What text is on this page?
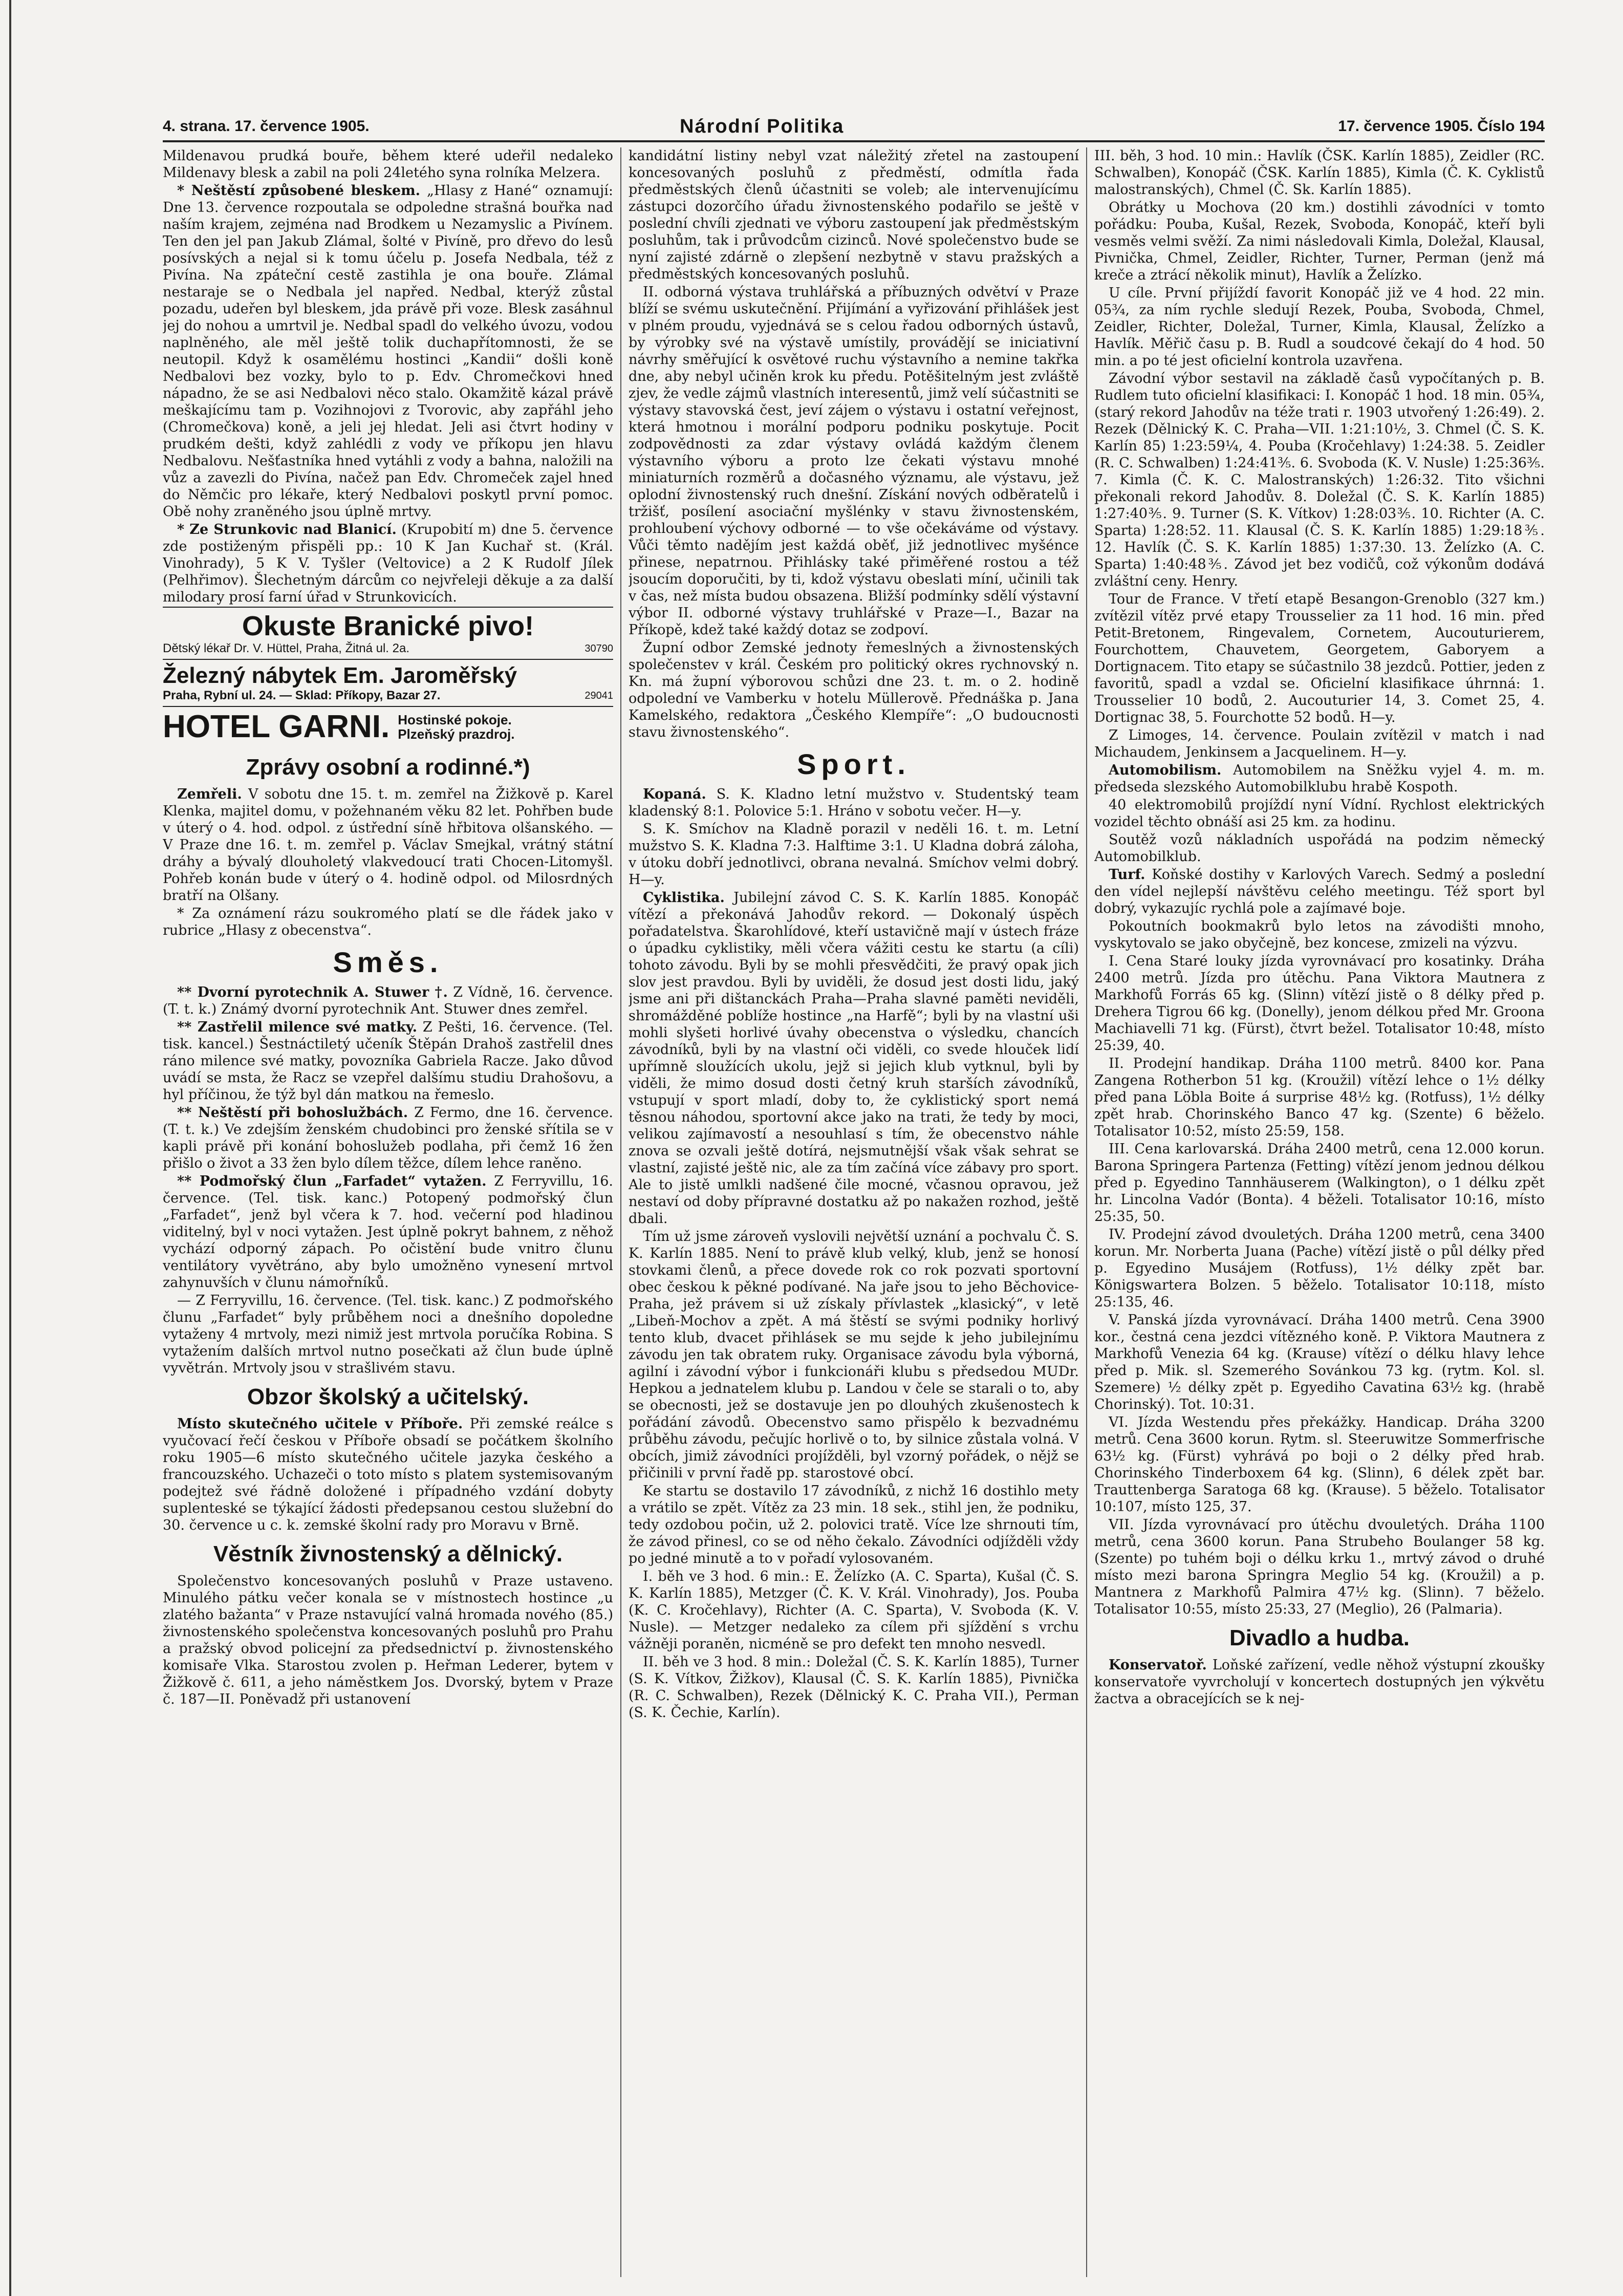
4. strana. 17. července 1905.	Národní Politika	17. července 1905. Číslo 194

Mildenavou prudká bouře, během které udeřil nedaleko Mildenavy blesk a zabil na poli 24letého syna rolníka Melzera.

* Neštěstí způsobené bleskem. „Hlasy z Hané“ oznamují: Dne 13. července rozpoutala se odpoledne strašná bouřka nad naším krajem, zejména nad Brodkem u Nezamyslic a Pivínem. Ten den jel pan Jakub Zlámal, šolté v Pivíně, pro dřevo do lesů posívských a nejal si k tomu účelu p. Josefa Nedbala, též z Pivína. Na zpáteční cestě zastihla je ona bouře. Zlámal nestaraje se o Nedbala jel napřed. Nedbal, kterýž zůstal pozadu, udeřen byl bleskem, jda právě při voze. Blesk zasáhnul jej do nohou a umrtvil je. Nedbal spadl do velkého úvozu, vodou naplněného, ale měl ještě tolik duchapřítomnosti, že se neutopil. Když k osamělému hostinci „Kandii“ došli koně Nedbalovi bez vozky, bylo to p. Edv. Chromečkovi hned nápadno, že se asi Nedbalovi něco stalo. Okamžitě kázal právě meškajícímu tam p. Vozihnojovi z Tvorovic, aby zapřáhl jeho (Chromečkova) koně, a jeli jej hledat. Jeli asi čtvrt hodiny v prudkém dešti, když zahlédli z vody ve příkopu jen hlavu Nedbalovu. Nešťastníka hned vytáhli z vody a bahna, naložili na vůz a zavezli do Pivína, načež pan Edv. Chromeček zajel hned do Němčic pro lékaře, který Nedbalovi poskytl první pomoc. Obě nohy zraněného jsou úplně mrtvy.

* Ze Strunkovic nad Blanicí. (Krupobití m) dne 5. července zde postiženým přispěli pp.: 10 K Jan Kuchař st. (Král. Vinohrady), 5 K V. Tyšler (Veltovice) a 2 K Rudolf Jílek (Pelhřimov). Šlechetným dárcům co nejvřeleji děkuje a za další milodary prosí farní úřad v Strunkovicích.

Okuste Branické pivo!
Dětský lékař Dr. V. Hüttel, Praha, Žitná ul. 2a.	30790
Železný nábytek Em. Jaroměřský
Praha, Rybní ul. 24. — Sklad: Příkopy, Bazar 27.	29041
HOTEL GARNI. Hostinské pokoje.
Plzeňský prazdroj.
Zprávy osobní a rodinné.*)

Zemřeli. V sobotu dne 15. t. m. zemřel na Žižkově p. Karel Klenka, majitel domu, v požehnaném věku 82 let. Pohřben bude v úterý o 4. hod. odpol. z ústřední síně hřbitova olšanského. — V Praze dne 16. t. m. zemřel p. Václav Smejkal, vrátný státní dráhy a bývalý dlouholetý vlakvedoucí trati Chocen-Litomyšl. Pohřeb konán bude v úterý o 4. hodině odpol. od Milosrdných bratří na Olšany.

* Za oznámení rázu soukromého platí se dle řádek jako v rubrice „Hlasy z obecenstva“.

Směs.

** Dvorní pyrotechnik A. Stuwer †. Z Vídně, 16. července. (T. t. k.) Známý dvorní pyrotechnik Ant. Stuwer dnes zemřel.

** Zastřelil milence své matky. Z Pešti, 16. července. (Tel. tisk. kancel.) Šestnáctiletý učeník Štěpán Drahoš zastřelil dnes ráno milence své matky, povozníka Gabriela Racze. Jako důvod uvádí se msta, že Racz se vzepřel dalšímu studiu Drahošovu, a hyl příčinou, že týž byl dán matkou na řemeslo.

** Neštěstí při bohoslužbách. Z Fermo, dne 16. července. (T. t. k.) Ve zdejším ženském chudobinci pro ženské sřítila se v kapli právě při konání bohoslužeb podlaha, při čemž 16 žen přišlo o život a 33 žen bylo dílem těžce, dílem lehce raněno.

** Podmořský člun „Farfadet“ vytažen. Z Ferryvillu, 16. července. (Tel. tisk. kanc.) Potopený podmořský člun „Farfadet“, jenž byl včera k 7. hod. večerní pod hladinou viditelný, byl v noci vytažen. Jest úplně pokryt bahnem, z něhož vychází odporný zápach. Po očistění bude vnitro člunu ventilátory vyvětráno, aby bylo umožněno vynesení mrtvol zahynuvších v člunu námořníků.

— Z Ferryvillu, 16. července. (Tel. tisk. kanc.) Z podmořského člunu „Farfadet“ byly průběhem noci a dnešního dopoledne vytaženy 4 mrtvoly, mezi nimiž jest mrtvola poručíka Robina. S vytažením dalších mrtvol nutno posečkati až člun bude úplně vyvětrán. Mrtvoly jsou v strašlivém stavu.

Obzor školský a učitelský.

Místo skutečného učitele v Příboře. Při zemské reálce s vyučovací řečí českou v Příboře obsadí se počátkem školního roku 1905—6 místo skutečného učitele jazyka českého a francouzského. Uchazeči o toto místo s platem systemisovaným podejtež své řádně doložené i případného vzdání dobyty suplenteské se týkající žádosti předepsanou cestou služební do 30. července u c. k. zemské školní rady pro Moravu v Brně.

Věstník živnostenský a dělnický.

Společenstvo koncesovaných posluhů v Praze ustaveno. Minulého pátku večer konala se v místnostech hostince „u zlatého bažanta“ v Praze nstavující valná hromada nového (85.) živnostenského společenstva koncesovaných posluhů pro Prahu a pražský obvod policejní za předsednictví p. živnostenského komisaře Vlka. Starostou zvolen p. Heřman Lederer, bytem v Žižkově č. 611, a jeho náměstkem Jos. Dvorský, bytem v Praze č. 187—II. Poněvadž při ustanovení

kandidátní listiny nebyl vzat náležitý zřetel na zastoupení koncesovaných posluhů z předměstí, odmítla řada předměstských členů účastniti se voleb; ale intervenujícímu zástupci dozorčího úřadu živnostenského podařilo se ještě v poslední chvíli zjednati ve výboru zastoupení jak předměstským posluhům, tak i průvodcům cizinců. Nové společenstvo bude se nyní zajisté zdárně o zlepšení nezbytně v stavu pražských a předměstských koncesovaných posluhů.

II. odborná výstava truhlářská a příbuzných odvětví v Praze blíží se svému uskutečnění. Přijímání a vyřizování přihlášek jest v plném proudu, vyjednává se s celou řadou odborných ústavů, by výrobky své na výstavě umístily, provádějí se iniciativní návrhy směřující k osvětové ruchu výstavního a nemine takřka dne, aby nebyl učiněn krok ku předu. Potěšitelným jest zvláště zjev, že vedle zájmů vlastních interesentů, jimž velí súčastniti se výstavy stavovská čest, jeví zájem o výstavu i ostatní veřejnost, která hmotnou i morální podporu podniku poskytuje. Pocit zodpovědnosti za zdar výstavy ovládá každým členem výstavního výboru a proto lze čekati výstavu mnohé miniaturních rozměrů a dočasného významu, ale výstavu, jež oplodní živnostenský ruch dnešní. Získání nových odběratelů i tržišť, posílení asociační myšlénky v stavu živnostenském, prohloubení výchovy odborné — to vše očekáváme od výstavy. Vůči těmto nadějím jest každá oběť, již jednotlivec myšénce přinese, nepatrnou. Přihlásky také přiměřené rostou a též jsoucím doporučiti, by ti, kdož výstavu obeslati míní, učinili tak v čas, než místa budou obsazena. Bližší podmínky sdělí výstavní výbor II. odborné výstavy truhlářské v Praze—I., Bazar na Příkopě, kdež také každý dotaz se zodpoví.

Župní odbor Zemské jednoty řemeslných a živnostenských společenstev v král. Českém pro politický okres rychnovský n. Kn. má župní výborovou schůzi dne 23. t. m. o 2. hodině odpolední ve Vamberku v hotelu Müllerově. Přednáška p. Jana Kamelského, redaktora „Českého Klempíře“: „O budoucnosti stavu živnostenského“.

Sport.

Kopaná. S. K. Kladno letní mužstvo v. Studentský team kladenský 8:1. Polovice 5:1. Hráno v sobotu večer. H—y.

S. K. Smíchov na Kladně porazil v neděli 16. t. m. Letní mužstvo S. K. Kladna 7:3. Halftime 3:1. U Kladna dobrá záloha, v útoku dobří jednotlivci, obrana nevalná. Smíchov velmi dobrý. H—y.

Cyklistika. Jubilejní závod C. S. K. Karlín 1885. Konopáč vítězí a překonává Jahodův rekord. — Dokonalý úspěch pořadatelstva. Škarohlídové, kteří ustavičně mají v ústech fráze o úpadku cyklistiky, měli včera vážiti cestu ke startu (a cíli) tohoto závodu. Byli by se mohli přesvědčiti, že pravý opak jich slov jest pravdou. Byli by uviděli, že dosud jest dosti lidu, jaký jsme ani při dištanckách Praha—Praha slavné paměti neviděli, shromážděné poblíže hostince „na Harfě“; byli by na vlastní uši mohli slyšeti horlivé úvahy obecenstva o výsledku, chancích závodníků, byli by na vlastní oči viděli, co svede hlouček lidí upřímně sloužících ukolu, jejž si jejich klub vytknul, byli by viděli, že mimo dosud dosti četný kruh starších závodníků, vstupují v sport mladí, doby to, že cyklistický sport nemá těsnou náhodou, sportovní akce jako na trati, že tedy by moci, velikou zajímavostí a nesouhlasí s tím, že obecenstvo náhle znova se ozvali ještě dotírá, nejsmutnější však však sehrat se vlastní, zajisté ještě nic, ale za tím začíná více zábavy pro sport. Ale to jistě umlkli nadšené čile mocné, včasnou opravou, jež nestaví od doby přípravné dostatku až po nakažen rozhod, ještě dbali.

Tím už jsme zároveň vyslovili největší uznání a pochvalu Č. S. K. Karlín 1885. Není to právě klub velký, klub, jenž se honosí stovkami členů, a přece dovede rok co rok pozvati sportovní obec českou k pěkné podívané. Na jaře jsou to jeho Běchovice-Praha, jež právem si už získaly přívlastek „klasický“, v letě „Libeň-Mochov a zpět. A má štěstí se svými podniky horlivý tento klub, dvacet přihlásek se mu sejde k jeho jubilejnímu závodu jen tak obratem ruky. Organisace závodu byla výborná, agilní i závodní výbor i funkcionáři klubu s předsedou MUDr. Hepkou a jednatelem klubu p. Landou v čele se starali o to, aby se obecnosti, jež se dostavuje jen po dlouhých zkušenostech k pořádání závodů. Obecenstvo samo přispělo k bezvadnému průběhu závodu, pečujíc horlivě o to, by silnice zůstala volná. V obcích, jimiž závodníci projížděli, byl vzorný pořádek, o nějž se přičinili v první řadě pp. starostové obcí.

Ke startu se dostavilo 17 závodníků, z nichž 16 dostihlo mety a vrátilo se zpět. Vítěz za 23 min. 18 sek., stihl jen, že podniku, tedy ozdobou počin, už 2. polovici tratě. Více lze shrnouti tím, že závod přinesl, co se od něho čekalo. Závodníci odjížděli vždy po jedné minutě a to v pořadí vylosovaném.

I. běh ve 3 hod. 6 min.: E. Želízko (A. C. Sparta), Kušal (Č. S. K. Karlín 1885), Metzger (Č. K. V. Král. Vinohrady), Jos. Pouba (K. C. Kročehlavy), Richter (A. C. Sparta), V. Svoboda (K. V. Nusle). — Metzger nedaleko za cílem při sjíždění s vrchu vážněji poraněn, nicméně se pro defekt ten mnoho nesvedl.

II. běh ve 3 hod. 8 min.: Doležal (Č. S. K. Karlín 1885), Turner (S. K. Vítkov, Žižkov), Klausal (Č. S. K. Karlín 1885), Pivnička (R. C. Schwalben), Rezek (Dělnický K. C. Praha VII.), Perman (S. K. Čechie, Karlín).

III. běh, 3 hod. 10 min.: Havlík (ČSK. Karlín 1885), Zeidler (RC. Schwalben), Konopáč (ČSK. Karlín 1885), Kimla (Č. K. Cyklistů malostranských), Chmel (Č. Sk. Karlín 1885).

Obrátky u Mochova (20 km.) dostihli závodníci v tomto pořádku: Pouba, Kušal, Rezek, Svoboda, Konopáč, kteří byli vesměs velmi svěží. Za nimi následovali Kimla, Doležal, Klausal, Pivnička, Chmel, Zeidler, Richter, Turner, Perman (jenž má kreče a ztrácí několik minut), Havlík a Želízko.

U cíle. První přijíždí favorit Konopáč již ve 4 hod. 22 min. 05¾, za ním rychle sledují Rezek, Pouba, Svoboda, Chmel, Zeidler, Richter, Doležal, Turner, Kimla, Klausal, Želízko a Havlík. Měřič času p. B. Rudl a soudcové čekají do 4 hod. 50 min. a po té jest oficielní kontrola uzavřena.

Závodní výbor sestavil na základě časů vypočítaných p. B. Rudlem tuto oficielní klasifikaci: I. Konopáč 1 hod. 18 min. 05¾, (starý rekord Jahodův na téže trati r. 1903 utvořený 1:26:49). 2. Rezek (Dělnický K. C. Praha—VII. 1:21:10½, 3. Chmel (Č. S. K. Karlín 85) 1:23:59¼, 4. Pouba (Kročehlavy) 1:24:38. 5. Zeidler (R. C. Schwalben) 1:24:41⅗. 6. Svoboda (K. V. Nusle) 1:25:36⅗. 7. Kimla (Č. K. C. Malostranských) 1:26:32. Tito všichni překonali rekord Jahodův. 8. Doležal (Č. S. K. Karlín 1885) 1:27:40⅗. 9. Turner (S. K. Vítkov) 1:28:03⅗. 10. Richter (A. C. Sparta) 1:28:52. 11. Klausal (Č. S. K. Karlín 1885) 1:29:18⅗. 12. Havlík (Č. S. K. Karlín 1885) 1:37:30. 13. Želízko (A. C. Sparta) 1:40:48⅗. Závod jet bez vodičů, což výkonům dodává zvláštní ceny. Henry.

Tour de France. V třetí etapě Besangon-Grenoblo (327 km.) zvítězil vítěz prvé etapy Trousselier za 11 hod. 16 min. před Petit-Bretonem, Ringevalem, Cornetem, Aucouturierem, Fourchottem, Chauvetem, Georgetem, Gaboryem a Dortignacem. Tito etapy se súčastnilo 38 jezdců. Pottier, jeden z favoritů, spadl a vzdal se. Oficielní klasifikace úhrnná: 1. Trousselier 10 bodů, 2. Aucouturier 14, 3. Comet 25, 4. Dortignac 38, 5. Fourchotte 52 bodů. H—y.

Z Limoges, 14. července. Poulain zvítězil v match i nad Michaudem, Jenkinsem a Jacquelinem. H—y.

Automobilism. Automobilem na Sněžku vyjel 4. m. m. předseda slezského Automobilklubu hrabě Kospoth.

40 elektromobilů projíždí nyní Vídní. Rychlost elektrických vozidel těchto obnáší asi 25 km. za hodinu.

Soutěž vozů nákladních uspořádá na podzim německý Automobilklub.

Turf. Koňské dostihy v Karlových Varech. Sedmý a poslední den vídel nejlepší návštěvu celého meetingu. Též sport byl dobrý, vykazujíc rychlá pole a zajímavé boje.

Pokoutních bookmakrů bylo letos na závodišti mnoho, vyskytovalo se jako obyčejně, bez koncese, zmizeli na výzvu.

I. Cena Staré louky jízda vyrovnávací pro kosatinky. Dráha 2400 metrů. Jízda pro útěchu. Pana Viktora Mautnera z Markhofů Forrás 65 kg. (Slinn) vítězí jistě o 8 délky před p. Drehera Tigrou 66 kg. (Donelly), jenom délkou před Mr. Groona Machiavelli 71 kg. (Fürst), čtvrt bežel. Totalisator 10:48, místo 25:39, 40.

II. Prodejní handikap. Dráha 1100 metrů. 8400 kor. Pana Zangena Rotherbon 51 kg. (Kroužil) vítězí lehce o 1½ délky před pana Löbla Boite á surprise 48½ kg. (Rotfuss), 1½ délky zpět hrab. Chorinského Banco 47 kg. (Szente) 6 běželo. Totalisator 10:52, místo 25:59, 158.

III. Cena karlovarská. Dráha 2400 metrů, cena 12.000 korun. Barona Springera Partenza (Fetting) vítězí jenom jednou délkou před p. Egyedino Tannhäuserem (Walkington), o 1 délku zpět hr. Lincolna Vadór (Bonta). 4 běželi. Totalisator 10:16, místo 25:35, 50.

IV. Prodejní závod dvouletých. Dráha 1200 metrů, cena 3400 korun. Mr. Norberta Juana (Pache) vítězí jistě o půl délky před p. Egyedino Musájem (Rotfuss), 1½ délky zpět bar. Königswartera Bolzen. 5 běželo. Totalisator 10:118, místo 25:135, 46.

V. Panská jízda vyrovnávací. Dráha 1400 metrů. Cena 3900 kor., čestná cena jezdci vítězného koně. P. Viktora Mautnera z Markhofů Venezia 64 kg. (Krause) vítězí o délku hlavy lehce před p. Mik. sl. Szemerého Sovánkou 73 kg. (rytm. Kol. sl. Szemere) ½ délky zpět p. Egyediho Cavatina 63½ kg. (hrabě Chorinský). Tot. 10:31.

VI. Jízda Westendu přes překážky. Handicap. Dráha 3200 metrů. Cena 3600 korun. Rytm. sl. Steeruwitze Sommerfrische 63½ kg. (Fürst) vyhrává po boji o 2 délky před hrab. Chorinského Tinderboxem 64 kg. (Slinn), 6 délek zpět bar. Trauttenberga Saratoga 68 kg. (Krause). 5 běželo. Totalisator 10:107, místo 125, 37.

VII. Jízda vyrovnávací pro útěchu dvouletých. Dráha 1100 metrů, cena 3600 korun. Pana Strubeho Boulanger 58 kg. (Szente) po tuhém boji o délku krku 1., mrtvý závod o druhé místo mezi barona Springra Meglio 54 kg. (Kroužil) a p. Mantnera z Markhofů Palmira 47½ kg. (Slinn). 7 běželo. Totalisator 10:55, místo 25:33, 27 (Meglio), 26 (Palmaria).

Divadlo a hudba.

Konservatoř. Loňské zařízení, vedle něhož výstupní zkoušky konservatoře vyvrcholují v koncertech dostupných jen výkvětu žactva a obracejících se k nej-
